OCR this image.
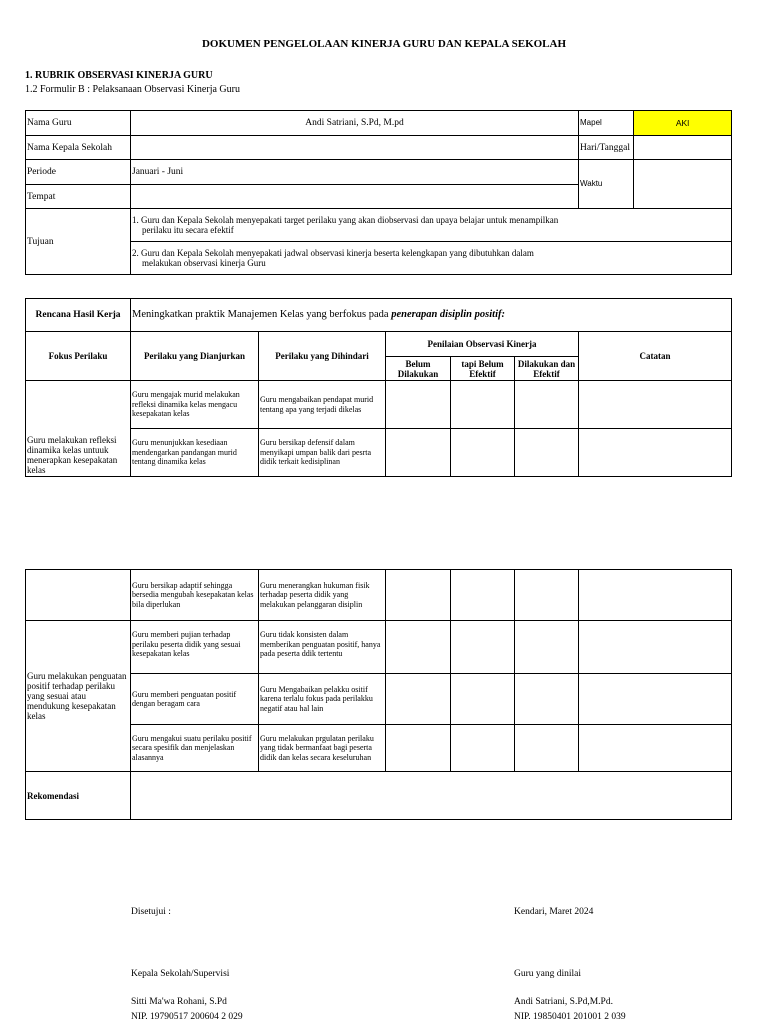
DOKUMEN PENGELOLAAN KINERJA GURU DAN KEPALA SEKOLAH
1. RUBRIK OBSERVASI KINERJA GURU
1.2 Formulir B : Pelaksanaan Observasi Kinerja Guru
Nama Guru	Andi Satriani, S.Pd, M.pd	Mapel	AKl
Nama Kepala Sekolah		Hari/Tanggal	
Periode	Januari - Juni	Waktu	
Tempat			
Tujuan	1. Guru dan Kepala Sekolah menyepakati target perilaku yang akan diobservasi dan upaya belajar untuk menampilkan
perilaku itu secara efektif		

	2. Guru dan Kepala Sekolah menyepakati jadwal observasi kinerja beserta kelengkapan yang dibutuhkan dalam
melakukan observasi kinerja Guru		
Rencana Hasil Kerja	Meningkatkan praktik Manajemen Kelas yang berfokus pada penerapan disiplin positif:					
Fokus Perilaku	Perilaku yang Dianjurkan	Perilaku yang Dihindari	Penilaian Observasi Kinerja			Catatan
			Belum Dilakukan	tapi Belum Efektif	Dilakukan dan Efektif	
Guru melakukan refleksi dinamika kelas untuuk menerapkan kesepakatan kelas	Guru mengajak murid melakukan refleksi dinamika kelas mengacu kesepakatan kelas	Guru mengabaikan pendapat murid tentang apa yang terjadi dikelas				
	Guru menunjukkan kesediaan mendengarkan pandangan murid tentang dinamika kelas	Guru bersikap defensif dalam menyikapi umpan balik dari pesrta didik terkait kedisiplinan				
	Guru bersikap adaptif sehingga bersedia mengubah kesepakatan kelas bila diperlukan	Guru menerangkan hukuman fisik terhadap peserta didik yang melakukan pelanggaran disiplin				
Guru melakukan penguatan positif terhadap perilaku yang sesuai atau mendukung kesepakatan kelas	Guru memberi pujian terhadap perilaku peserta didik yang sesuai kesepakatan kelas	Guru tidak konsisten dalam memberikan penguatan positif, hanya pada peserta ddik tertentu				
	Guru memberi penguatan positif dengan beragam cara	Guru Mengabaikan pelakku ositif karena terlalu fokus pada perilakku negatif atau hal lain				
	Guru mengakui suatu perilaku positif secara spesifik dan menjelaskan alasannya	Guru melakukan prgulatan perilaku yang tidak bermanfaat bagi peserta didik dan kelas secara keseluruhan				
Rekomendasi						
Disetujui :	Kendari, Maret 2024
Kepala Sekolah/Supervisi	Guru yang dinilai
Sitti Ma'wa Rohani, S.Pd	Andi Satriani, S.Pd,M.Pd.
NIP. 19790517 200604 2 029	NIP. 19850401 201001 2 039
